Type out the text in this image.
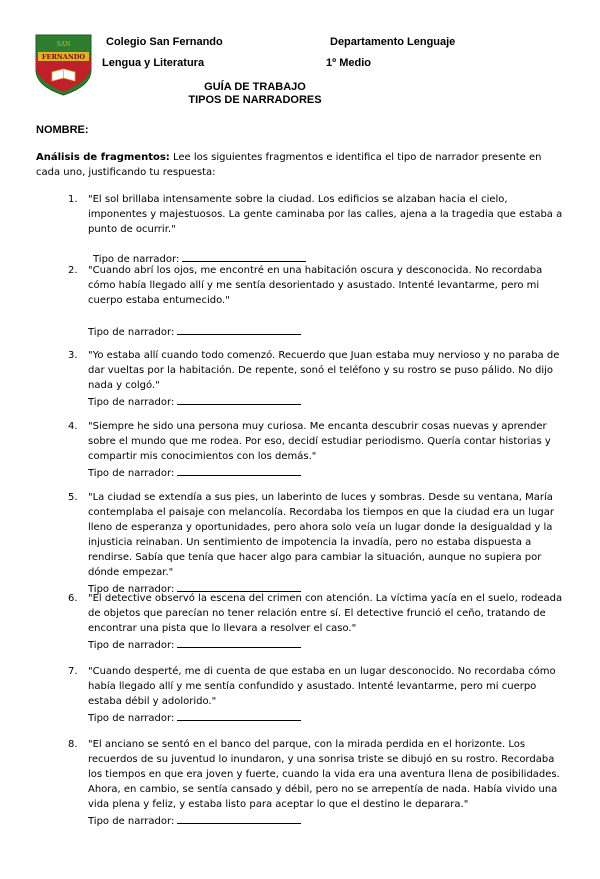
SAN
FERNANDO
Colegio San Fernando	Departamento Lenguaje
Lengua y Literatura	1º Medio
GUÍA DE TRABAJO
TIPOS DE NARRADORES
NOMBRE:
Análisis de fragmentos: Lee los siguientes fragmentos e identifica el tipo de narrador presente en cada uno, justificando tu respuesta:
1.	"El sol brillaba intensamente sobre la ciudad. Los edificios se alzaban hacia el cielo, imponentes y majestuosos. La gente caminaba por las calles, ajena a la tragedia que estaba a punto de ocurrir."
Tipo de narrador:
2.	"Cuando abrí los ojos, me encontré en una habitación oscura y desconocida. No recordaba cómo había llegado allí y me sentía desorientado y asustado. Intenté levantarme, pero mi cuerpo estaba entumecido."
Tipo de narrador:
3.	"Yo estaba allí cuando todo comenzó. Recuerdo que Juan estaba muy nervioso y no paraba de dar vueltas por la habitación. De repente, sonó el teléfono y su rostro se puso pálido. No dijo nada y colgó."
Tipo de narrador:
4.	"Siempre he sido una persona muy curiosa. Me encanta descubrir cosas nuevas y aprender sobre el mundo que me rodea. Por eso, decidí estudiar periodismo. Quería contar historias y compartir mis conocimientos con los demás."
Tipo de narrador:
5.	"La ciudad se extendía a sus pies, un laberinto de luces y sombras. Desde su ventana, María contemplaba el paisaje con melancolía. Recordaba los tiempos en que la ciudad era un lugar lleno de esperanza y oportunidades, pero ahora solo veía un lugar donde la desigualdad y la injusticia reinaban. Un sentimiento de impotencia la invadía, pero no estaba dispuesta a rendirse. Sabía que tenía que hacer algo para cambiar la situación, aunque no supiera por dónde empezar."
Tipo de narrador:
6.	"El detective observó la escena del crimen con atención. La víctima yacía en el suelo, rodeada de objetos que parecían no tener relación entre sí. El detective frunció el ceño, tratando de encontrar una pista que lo llevara a resolver el caso."
Tipo de narrador:
7.	"Cuando desperté, me di cuenta de que estaba en un lugar desconocido. No recordaba cómo había llegado allí y me sentía confundido y asustado. Intenté levantarme, pero mi cuerpo estaba débil y adolorido."
Tipo de narrador:
8.	"El anciano se sentó en el banco del parque, con la mirada perdida en el horizonte. Los recuerdos de su juventud lo inundaron, y una sonrisa triste se dibujó en su rostro. Recordaba los tiempos en que era joven y fuerte, cuando la vida era una aventura llena de posibilidades. Ahora, en cambio, se sentía cansado y débil, pero no se arrepentía de nada. Había vivido una vida plena y feliz, y estaba listo para aceptar lo que el destino le deparara."
Tipo de narrador:
